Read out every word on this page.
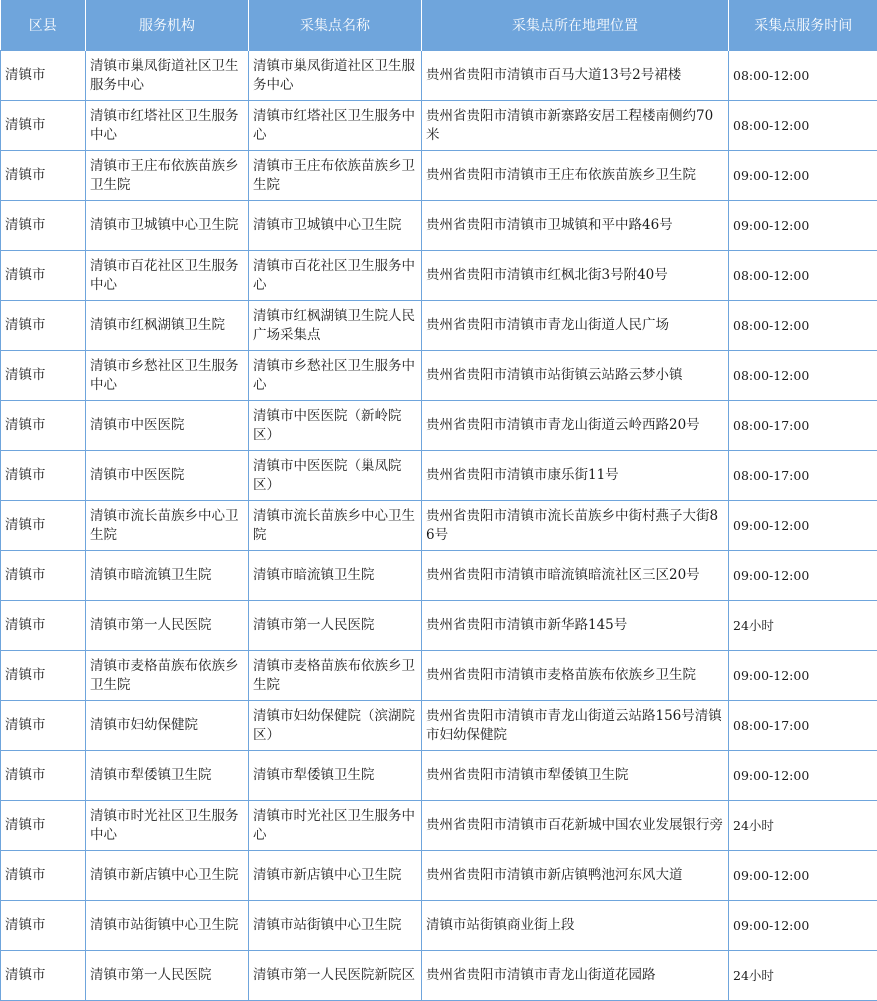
区县	服务机构	采集点名称	采集点所在地理位置	采集点服务时间
清镇市	清镇市巢凤街道社区卫生服务中心	清镇市巢凤街道社区卫生服务中心	贵州省贵阳市清镇市百马大道13号2号裙楼	08:00-12:00
清镇市	清镇市红塔社区卫生服务中心	清镇市红塔社区卫生服务中心	贵州省贵阳市清镇市新寨路安居工程楼南侧约70米	08:00-12:00
清镇市	清镇市王庄布依族苗族乡卫生院	清镇市王庄布依族苗族乡卫生院	贵州省贵阳市清镇市王庄布依族苗族乡卫生院	09:00-12:00
清镇市	清镇市卫城镇中心卫生院	清镇市卫城镇中心卫生院	贵州省贵阳市清镇市卫城镇和平中路46号	09:00-12:00
清镇市	清镇市百花社区卫生服务中心	清镇市百花社区卫生服务中心	贵州省贵阳市清镇市红枫北街3号附40号	08:00-12:00
清镇市	清镇市红枫湖镇卫生院	清镇市红枫湖镇卫生院人民广场采集点	贵州省贵阳市清镇市青龙山街道人民广场	08:00-12:00
清镇市	清镇市乡愁社区卫生服务中心	清镇市乡愁社区卫生服务中心	贵州省贵阳市清镇市站街镇云站路云梦小镇	08:00-12:00
清镇市	清镇市中医医院	清镇市中医医院（新岭院区）	贵州省贵阳市清镇市青龙山街道云岭西路20号	08:00-17:00
清镇市	清镇市中医医院	清镇市中医医院（巢凤院区）	贵州省贵阳市清镇市康乐街11号	08:00-17:00
清镇市	清镇市流长苗族乡中心卫生院	清镇市流长苗族乡中心卫生院	贵州省贵阳市清镇市流长苗族乡中街村燕子大街86号	09:00-12:00
清镇市	清镇市暗流镇卫生院	清镇市暗流镇卫生院	贵州省贵阳市清镇市暗流镇暗流社区三区20号	09:00-12:00
清镇市	清镇市第一人民医院	清镇市第一人民医院	贵州省贵阳市清镇市新华路145号	24小时
清镇市	清镇市麦格苗族布依族乡卫生院	清镇市麦格苗族布依族乡卫生院	贵州省贵阳市清镇市麦格苗族布依族乡卫生院	09:00-12:00
清镇市	清镇市妇幼保健院	清镇市妇幼保健院（滨湖院区）	贵州省贵阳市清镇市青龙山街道云站路156号清镇市妇幼保健院	08:00-17:00
清镇市	清镇市犁倭镇卫生院	清镇市犁倭镇卫生院	贵州省贵阳市清镇市犁倭镇卫生院	09:00-12:00
清镇市	清镇市时光社区卫生服务中心	清镇市时光社区卫生服务中心	贵州省贵阳市清镇市百花新城中国农业发展银行旁	24小时
清镇市	清镇市新店镇中心卫生院	清镇市新店镇中心卫生院	贵州省贵阳市清镇市新店镇鸭池河东风大道	09:00-12:00
清镇市	清镇市站街镇中心卫生院	清镇市站街镇中心卫生院	清镇市站街镇商业街上段	09:00-12:00
清镇市	清镇市第一人民医院	清镇市第一人民医院新院区	贵州省贵阳市清镇市青龙山街道花园路	24小时
